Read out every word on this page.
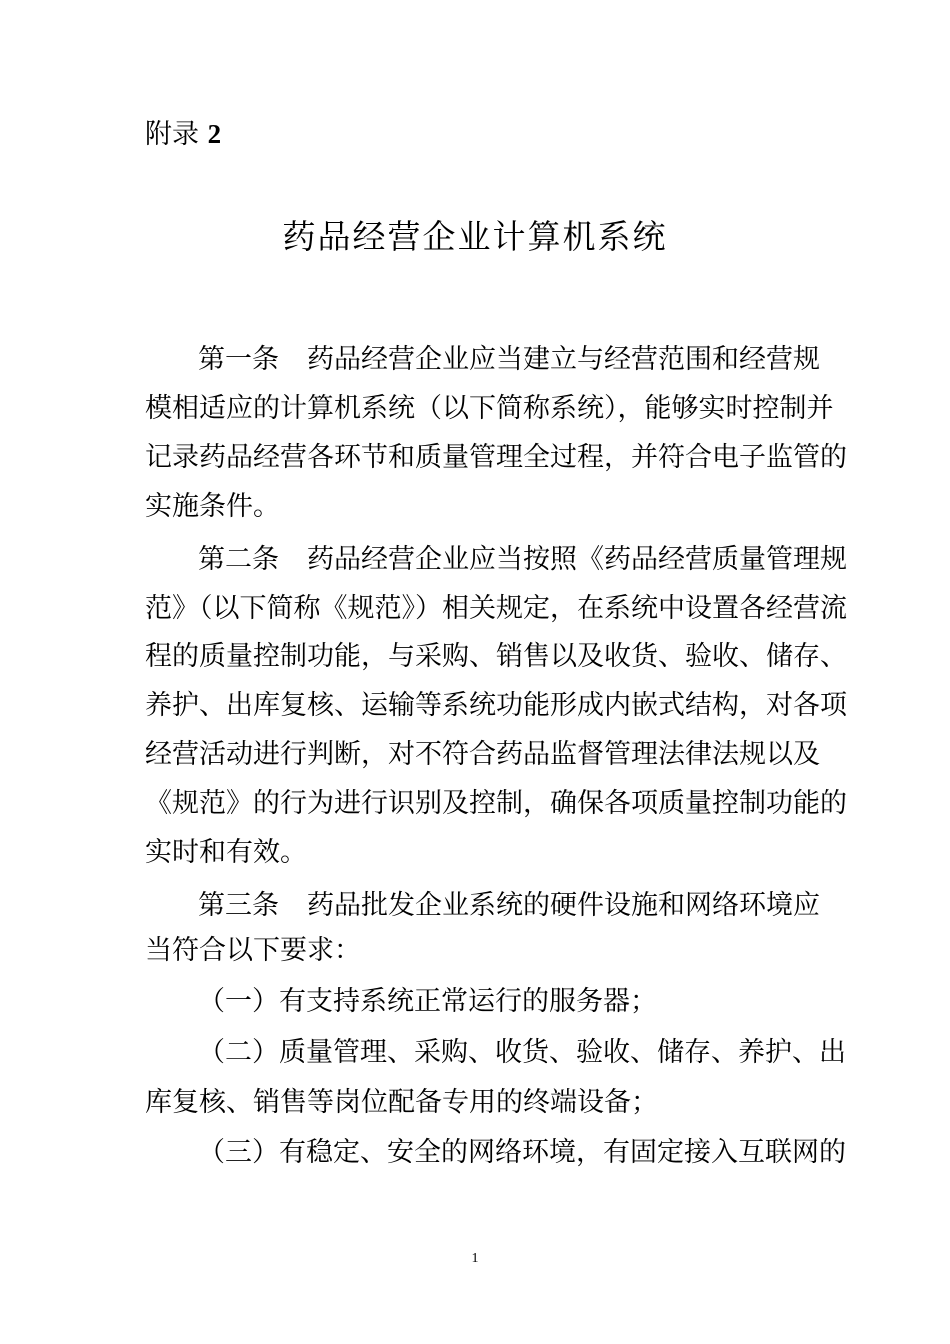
附录 2
药品经营企业计算机系统
第一条 药品经营企业应当建立与经营范围和经营规
模相适应的计算机系统（以下简称系统），能够实时控制并
记录药品经营各环节和质量管理全过程，并符合电子监管的
实施条件。
第二条 药品经营企业应当按照《药品经营质量管理规
范》（以下简称《规范》）相关规定，在系统中设置各经营流
程的质量控制功能，与采购、销售以及收货、验收、储存、
养护、出库复核、运输等系统功能形成内嵌式结构，对各项
经营活动进行判断，对不符合药品监督管理法律法规以及
《规范》的行为进行识别及控制，确保各项质量控制功能的
实时和有效。
第三条 药品批发企业系统的硬件设施和网络环境应
当符合以下要求：
（一）有支持系统正常运行的服务器；
（二）质量管理、采购、收货、验收、储存、养护、出
库复核、销售等岗位配备专用的终端设备；
（三）有稳定、安全的网络环境，有固定接入互联网的
1
